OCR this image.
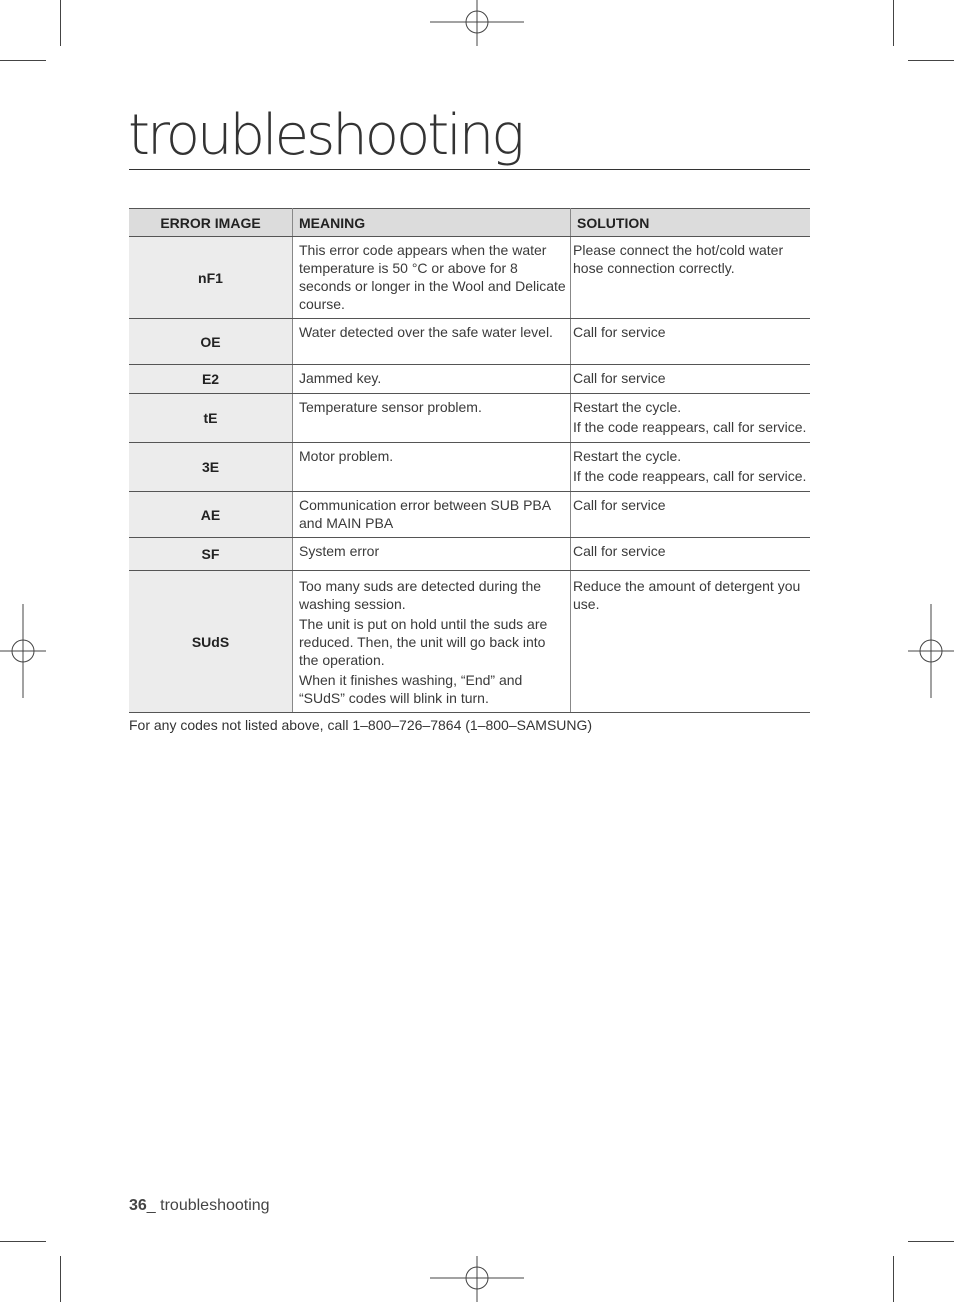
troubleshooting
ERROR IMAGE	MEANING	SOLUTION
nF1	This error code appears when the water temperature is 50 °C or above for 8 seconds or longer in the Wool and Delicate course.	Please connect the hot/cold water hose connection correctly.

OE	Water detected over the safe water level.	Call for service

E2	Jammed key.	Call for service

tE	Temperature sensor problem.	Restart the cycle.
If the code reappears, call for service.

3E	Motor problem.	Restart the cycle.
If the code reappears, call for service.

AE	Communication error between SUB PBA and MAIN PBA	Call for service

SF	System error	Call for service

SUdS	Too many suds are detected during the washing session.
The unit is put on hold until the suds are reduced. Then, the unit will go back into the operation.
When it finishes washing, “End” and “SUdS” codes will blink in turn.	Reduce the amount of detergent you use.
For any codes not listed above, call 1–800–726–7864 (1–800–SAMSUNG)
36_ troubleshooting
